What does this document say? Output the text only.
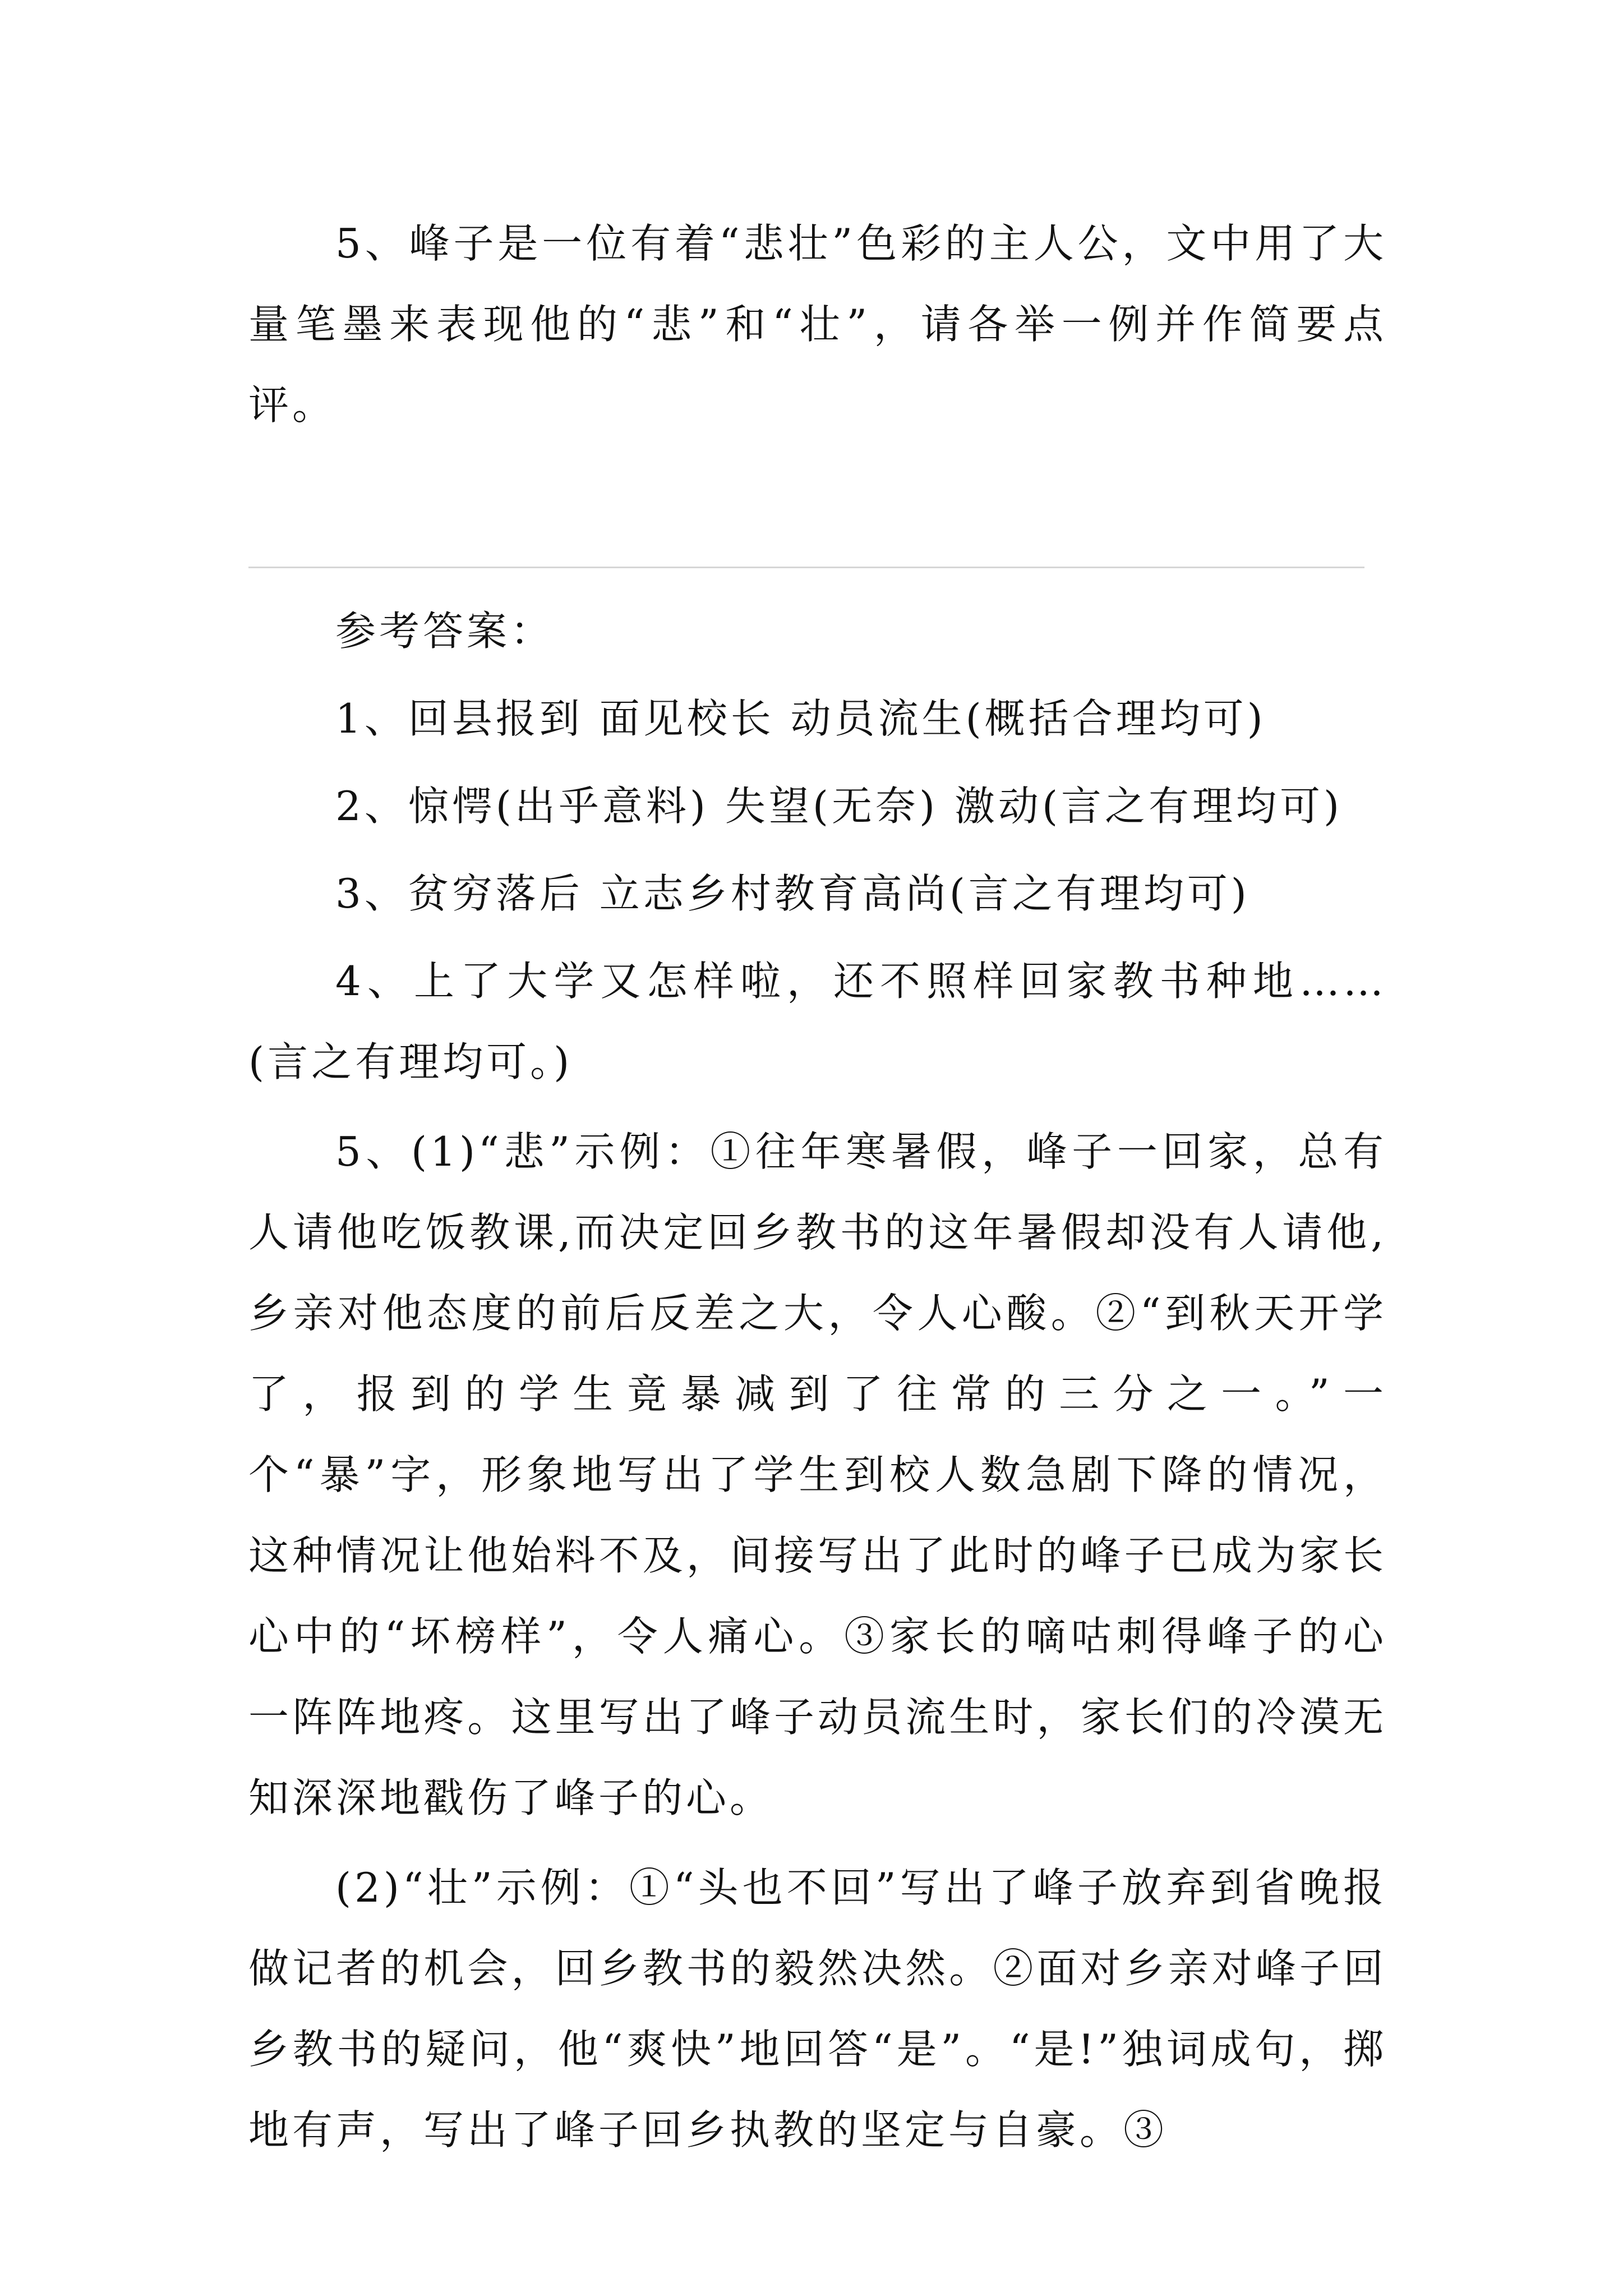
5、峰子是一位有着“悲壮”色彩的主人公，文中用了大量笔墨来表现他的“悲”和“壮”，请各举一例并作简要点评。

参考答案：

1、回县报到 面见校长 动员流生(概括合理均可)

2、惊愕(出乎意料) 失望(无奈) 激动(言之有理均可)

3、贫穷落后 立志乡村教育高尚(言之有理均可)

4、上了大学又怎样啦，还不照样回家教书种地……(言之有理均可。)

5、(1)“悲”示例：①往年寒暑假，峰子一回家，总有人请他吃饭教课,而决定回乡教书的这年暑假却没有人请他,乡亲对他态度的前后反差之大，令人心酸。②“到秋天开学了，报到的学生竟暴减到了往常的三分之一。”一个“暴”字，形象地写出了学生到校人数急剧下降的情况，这种情况让他始料不及，间接写出了此时的峰子已成为家长心中的“坏榜样”，令人痛心。③家长的嘀咕刺得峰子的心一阵阵地疼。这里写出了峰子动员流生时，家长们的冷漠无知深深地戳伤了峰子的心。

(2)“壮”示例：①“头也不回”写出了峰子放弃到省晚报做记者的机会，回乡教书的毅然决然。②面对乡亲对峰子回乡教书的疑问，他“爽快”地回答“是”。“是!”独词成句，掷地有声，写出了峰子回乡执教的坚定与自豪。③
